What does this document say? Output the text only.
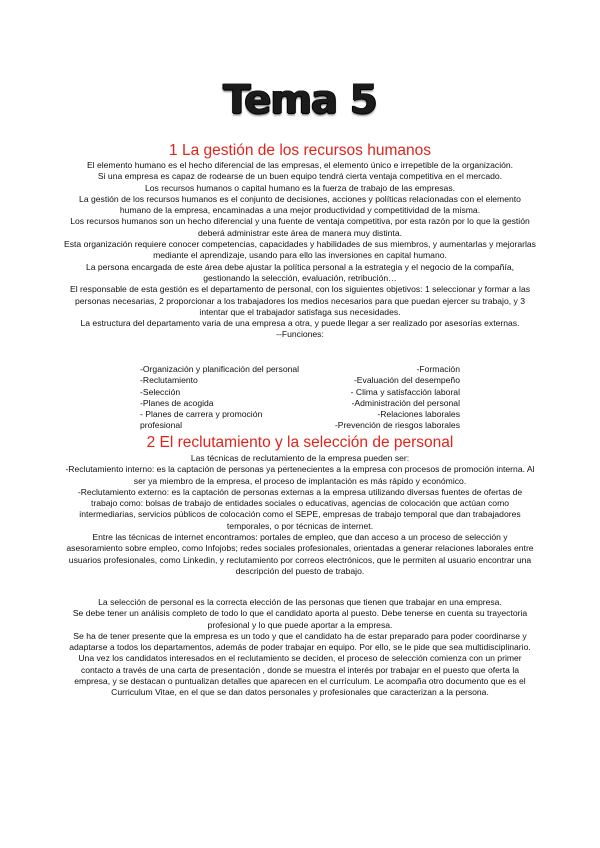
Tema 5
1 La gestión de los recursos humanos

El elemento humano es el hecho diferencial de las empresas, el elemento único e irrepetible de la organización.

Si una empresa es capaz de rodearse de un buen equipo tendrá cierta ventaja competitiva en el mercado.

Los recursos humanos o capital humano es la fuerza de trabajo de las empresas.

La gestión de los recursos humanos es el conjunto de decisiones, acciones y políticas relacionadas con el elemento humano de la empresa, encaminadas a una mejor productividad y competitividad de la misma.

Los recursos humanos son un hecho diferencial y una fuente de ventaja competitiva, por esta razón por lo que la gestión deberá administrar este área de manera muy distinta.

Esta organización requiere conocer competencias, capacidades y habilidades de sus miembros, y aumentarlas y mejorarlas mediante el aprendizaje, usando para ello las inversiones en capital humano.

La persona encargada de este área debe ajustar la política personal a la estrategia y el negocio de la compañía, gestionando la selección, evaluación, retribución…

El responsable de esta gestión es el departamento de personal, con los siguientes objetivos: 1 seleccionar y formar a las personas necesarias, 2 proporcionar a los trabajadores los medios necesarios para que puedan ejercer su trabajo, y 3 intentar que el trabajador satisfaga sus necesidades.

La estructura del departamento varia de una empresa a otra, y puede llegar a ser realizado por asesorías externas.

--Funciones:

-Organización y planificación del personal
-Reclutamiento
-Selección
-Planes de acogida
- Planes de carrera y promoción
profesional
-Formación
-Evaluación del desempeño
- Clima y satisfacción laboral
-Administración del personal
-Relaciones laborales
-Prevención de riesgos laborales
2 El reclutamiento y la selección de personal

Las técnicas de reclutamiento de la empresa pueden ser:

-Reclutamiento interno: es la captación de personas ya pertenecientes a la empresa con procesos de promoción interna. Al ser ya miembro de la empresa, el proceso de implantación es más rápido y económico.

-Reclutamiento externo: es la captación de personas externas a la empresa utilizando diversas fuentes de ofertas de trabajo como: bolsas de trabajo de entidades sociales o educativas, agencias de colocación que actúan como intermediarias, servicios públicos de colocación como el SEPE, empresas de trabajo temporal que dan trabajadores temporales, o por técnicas de internet.

Entre las técnicas de internet encontramos: portales de empleo, que dan acceso a un proceso de selección y asesoramiento sobre empleo, como Infojobs; redes sociales profesionales, orientadas a generar relaciones laborales entre usuarios profesionales, como Linkedin, y reclutamiento por correos electrónicos, que le permiten al usuario encontrar una descripción del puesto de trabajo.

La selección de personal es la correcta elección de las personas que tienen que trabajar en una empresa.

Se debe tener un análisis completo de todo lo que el candidato aporta al puesto. Debe tenerse en cuenta su trayectoria profesional y lo que puede aportar a la empresa.

Se ha de tener presente que la empresa es un todo y que el candidato ha de estar preparado para poder coordinarse y adaptarse a todos los departamentos, además de poder trabajar en equipo. Por ello, se le pide que sea multidisciplinario.

Una vez los candidatos interesados en el reclutamiento se deciden, el proceso de selección comienza con un primer contacto a través de una carta de presentación , donde se muestra el interés por trabajar en el puesto que oferta la empresa, y se destacan o puntualizan detalles que aparecen en el currículum. Le acompaña otro documento que es el Curriculum Vitae, en el que se dan datos personales y profesionales que caracterizan a la persona.
